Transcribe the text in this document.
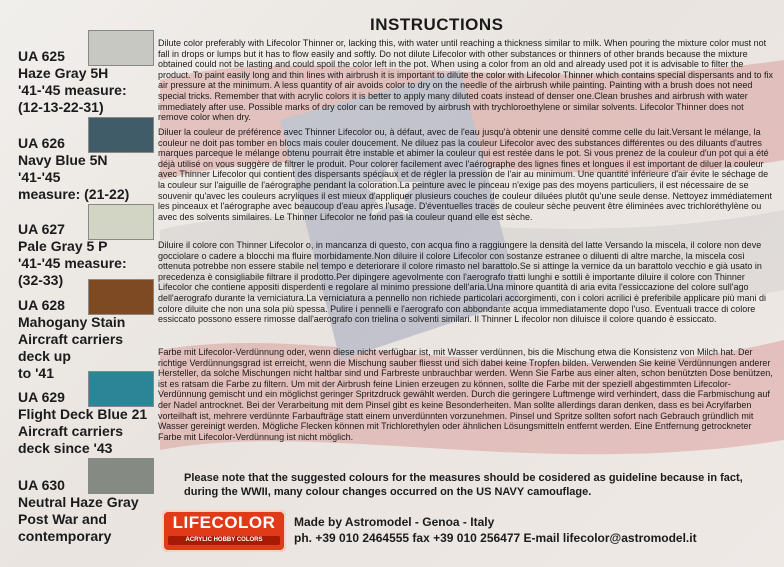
INSTRUCTIONS
UA 625
Haze Gray 5H
'41-'45 measure:
(12-13-22-31)
UA 626
Navy Blue 5N
'41-'45
measure: (21-22)
UA 627
Pale Gray 5 P
'41-'45 measure:
(32-33)
UA 628
Mahogany Stain
Aircraft carriers
deck up
to '41
UA 629
Flight Deck Blue 21
Aircraft carriers
deck since '43
UA 630
Neutral Haze Gray
Post War and
contemporary
Dilute color preferably with Lifecolor Thinner or, lacking this, with water until reaching a thickness similar to milk. When pouring the mixture color must not fall in drops or lumps but it has to flow easily and softly. Do not dilute Lifecolor with other substances or thinners of other brands because the mixture obtained could not be lasting and could spoil the color left in the pot. When using a color from an old and already used pot it is advisable to filter the product. To paint easily long and thin lines with airbrush it is important to dilute the color with Lifecolor Thinner which contains special dispersants and to fix air pressure at the minimum. A less quantity of air avoids color to dry on the needle of the airbrush while painting. Painting with a brush does not need special tricks. Remember that with acrylic colors it is better to apply many diluted coats instead of denser one.Clean brushes and airbrush with water immediately after use. Possible marks of dry color can be removed by airbrush with trychloroethylene or similar solvents. Lifecolor Thinner does not remove color when dry.
Diluer la couleur de préférence avec Thinner Lifecolor ou, à défaut, avec de l'eau jusqu'à obtenir une densité comme celle du lait.Versant le mélange, la couleur ne doit pas tomber en blocs mais couler doucement. Ne diluez pas la couleur Lifecolor avec des substances différentes ou des diluants d'autres marques parceque le mélange obtenu pourrait être instable et abimer la couleur qui est restée dans le pot. Si vous prenez de la couleur d'un pot qui a été déjà utilisé on vous suggère de filtrer le produit. Pour colorer facilement avec l'aérographe des lignes fines et longues il est important de diluer la couleur avec Thinner Lifecolor qui contient des dispersants spéciaux et de régler la pression de l'air au minimum. Une quantité inférieure d'air évite le séchage de la couleur sur l'aiguille de l'aérographe pendant la coloration.La peinture avec le pinceau n'exige pas des moyens particuliers, il est nécessaire de se souvenir qu'avec les couleurs acryliques il est mieux d'appliquer plusieurs couches de couleur diluées plutôt qu'une seule dense. Nettoyez immédiatement les pinceaux et l'aérographe avec beaucoup d'eau après l'usage. D'éventuelles traces de couleur sèche peuvent être éliminées avec trichloréthylène ou avec des solvents similaires. Le Thinner Lifecolor ne fond pas la couleur quand elle est sèche.
Diluire il colore con Thinner Lifecolor o, in mancanza di questo, con acqua fino a raggiungere la densità del latte Versando la miscela, il colore non deve gocciolare o cadere a blocchi ma fluire morbidamente.Non diluire il colore Lifecolor con sostanze estranee o diluenti di altre marche, la miscela così ottenuta potrebbe non essere stabile nel tempo e deteriorare il colore rimasto nel barattolo.Se si attinge la vernice da un barattolo vecchio e già usato in precedenza è consigliabile filtrare il prodotto.Per dipingere agevolmente con l'aerografo tratti lunghi e sottili è importante diluire il colore con Thinner Lifecolor che contiene appositi disperdenti e regolare al minimo pressione dell'aria.Una minore quantità di aria evita l'essiccazione del colore sull'ago dell'aerografo durante la verniciatura.La verniciatura a pennello non richiede particolari accorgimenti, con i colori acrilici è preferibile applicare più mani di colore diluite che non una sola più spessa. Pulire i pennelli e l'aerografo con abbondante acqua immediatamente dopo l'uso. Eventuali tracce di colore essiccato possono essere rimosse dall'aerografo con trielina o solventi similari. Il Thinner L ifecolor non diluisce il colore quando è essiccato.
Farbe mit Lifecolor-Verdünnung oder, wenn diese nicht verfügbar ist, mit Wasser verdünnen, bis die Mischung etwa die Konsistenz von Milch hat. Der richtige Verdünnungsgrad ist erreicht, wenn die Mischung sauber fliesst und sich dabei keine Tropfen bilden. Verwenden Sie keine Verdünnungen anderer Hersteller, da solche Mischungen nicht haltbar sind und Farbreste unbrauchbar werden. Wenn Sie Farbe aus einer alten, schon benützten Dose benützen, ist es ratsam die Farbe zu filtern. Um mit der Airbrush feine Linien erzeugen zu können, sollte die Farbe mit der speziell abgestimmten Lifecolor-Verdünnung gemischt und ein möglichst geringer Spritzdruck gewählt werden. Durch die geringere Luftmenge wird verhindert, dass die Farbmischung auf der Nadel antrocknet. Bei der Verarbeitung mit dem Pinsel gibt es keine Besonderheiten. Man sollte allerdings daran denken, dass es bei Acrylfarben vorteilhaft ist, mehrere verdünnte Farbaufträge statt einem unverdünnten vorzunehmen. Pinsel und Spritze sollten sofort nach Gebrauch gründlich mit Wasser gereinigt werden. Mögliche Flecken können mit Trichlorethylen oder ähnlichen Lösungsmitteln entfernt werden. Eine Entfernung getrockneter Farbe mit Lifecolor-Verdünnung ist nicht möglich.
Please note that the suggested colours for the measures should be cosidered as guideline because in fact, during the WWII, many colour changes occurred on the US NAVY camouflage.
LIFECOLOR
ACRYLIC HOBBY COLORS
Made by Astromodel - Genoa - Italy
ph. +39 010 2464555 fax +39 010 256477 E-mail lifecolor@astromodel.it
